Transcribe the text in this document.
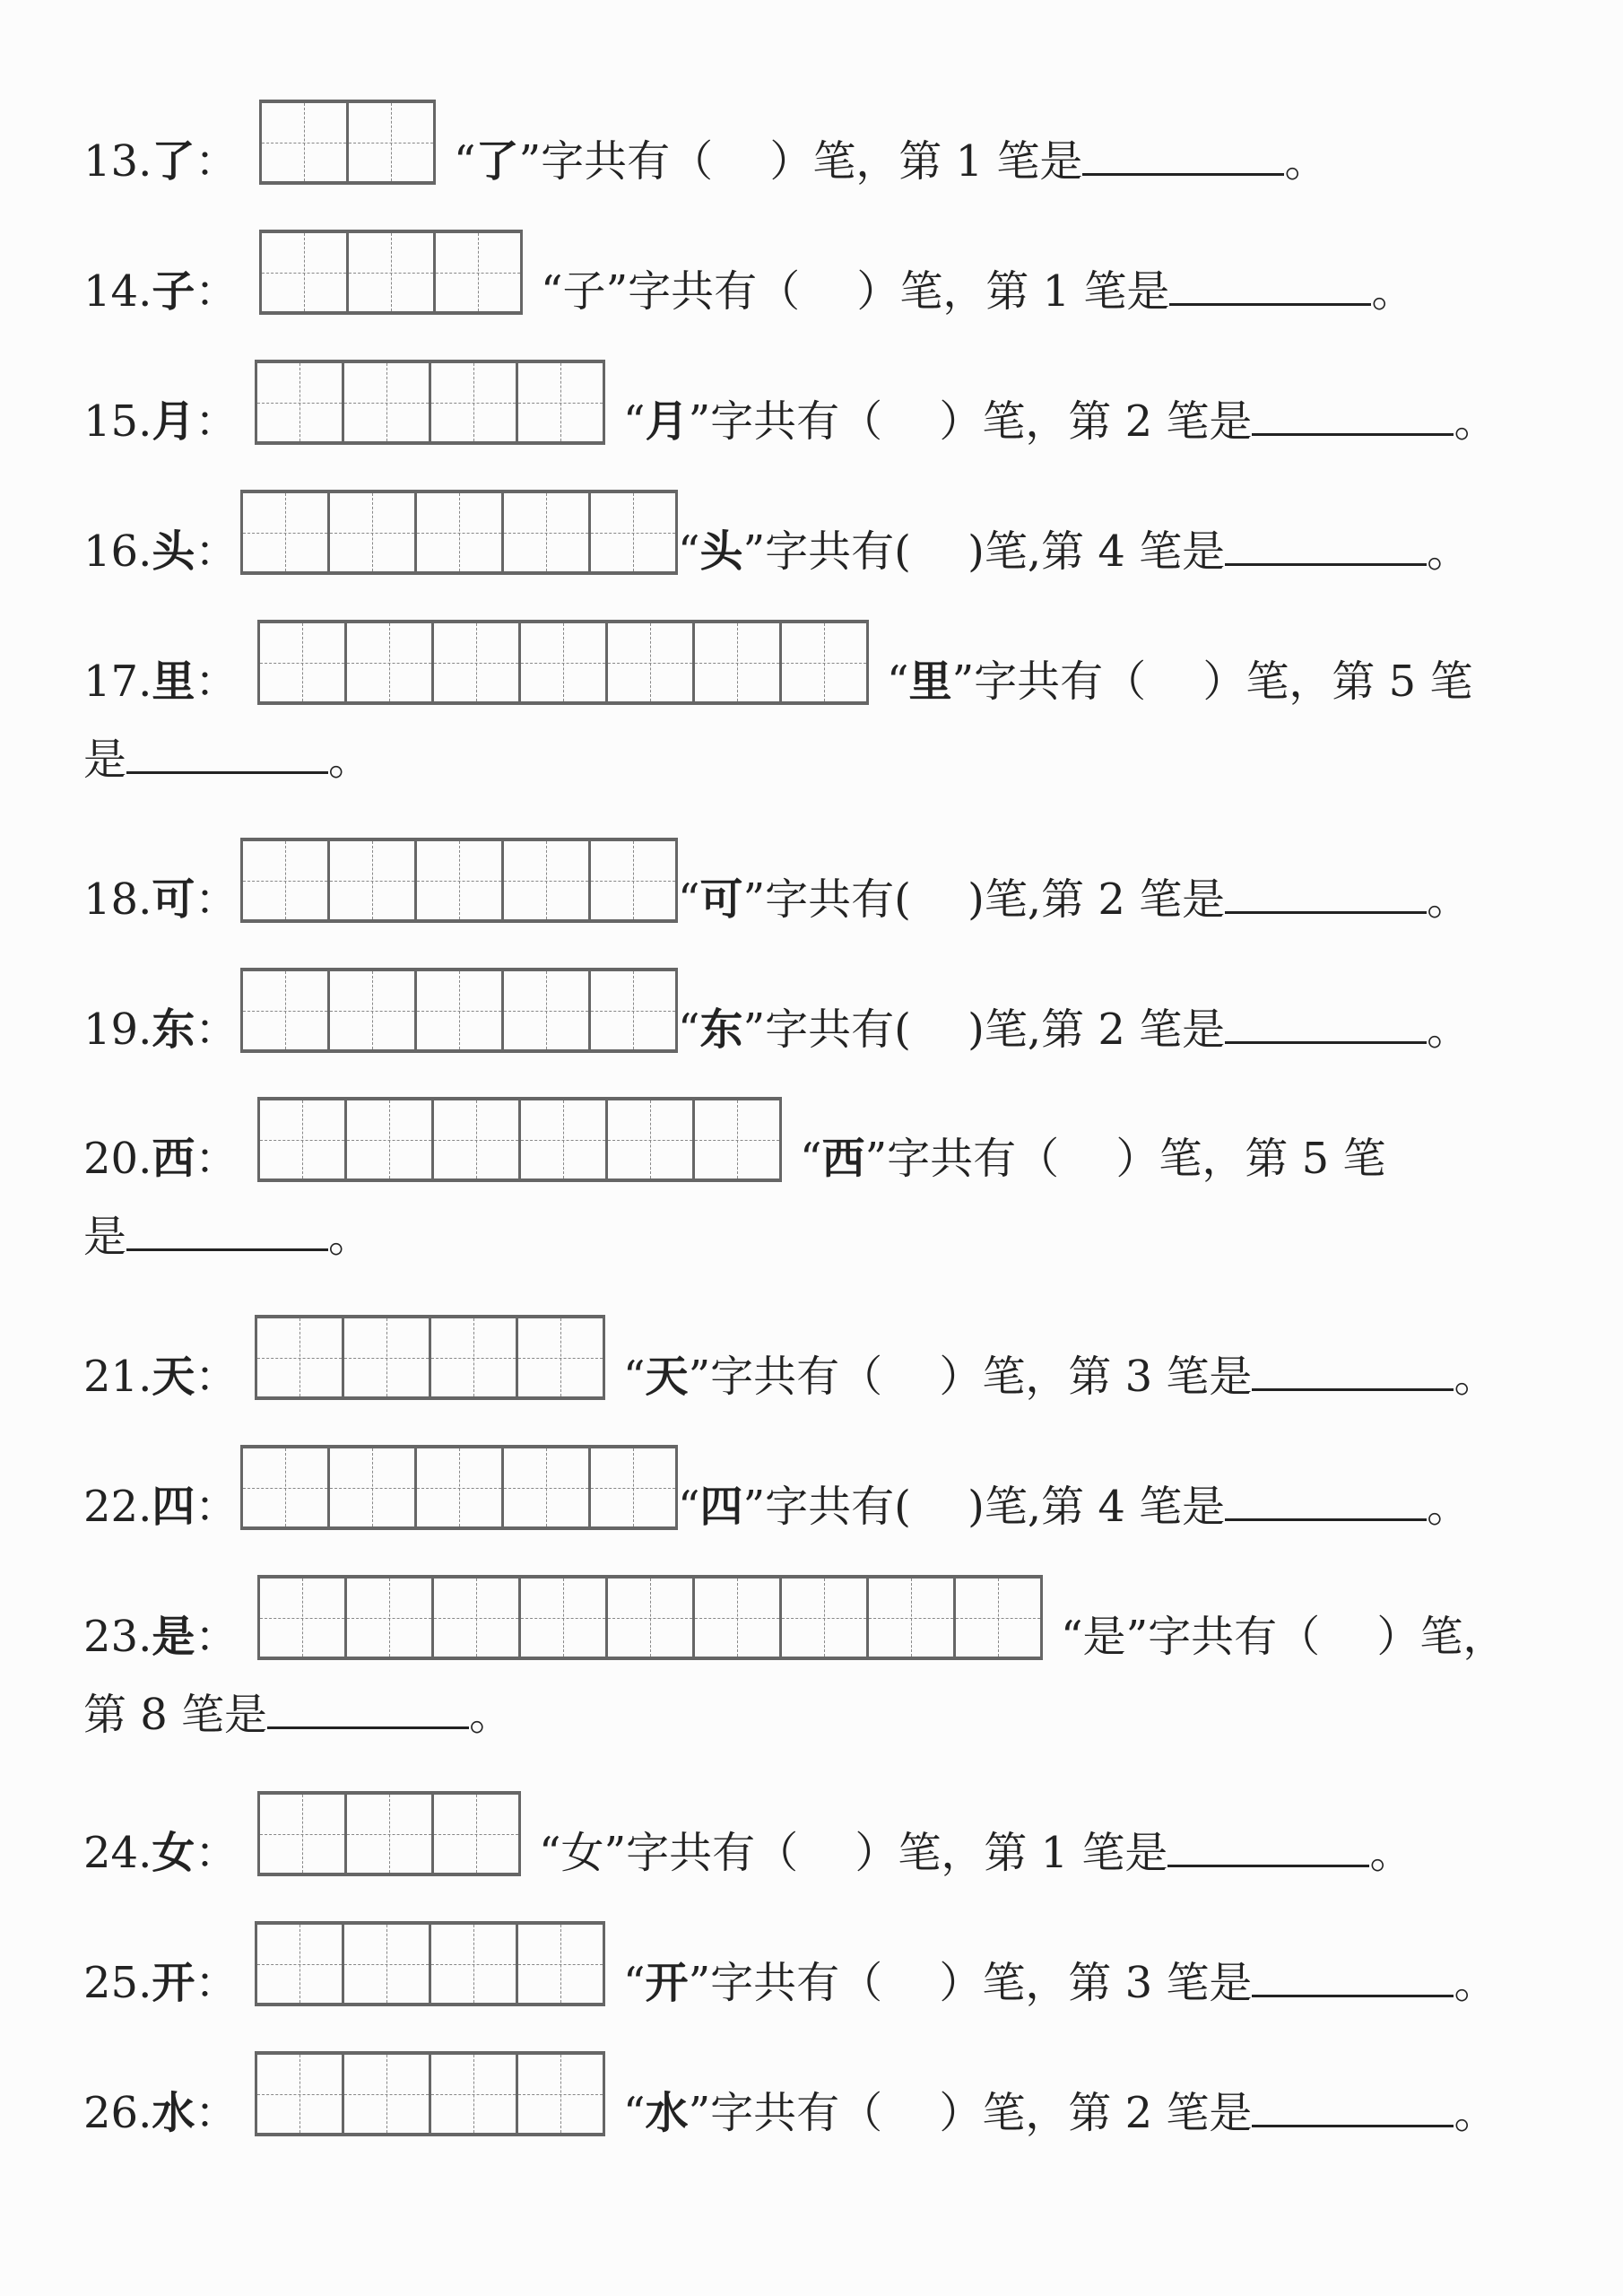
13.了：	“了”字共有（　 ）笔，第 1 笔是	。
14.子：	“子”字共有（　 ）笔，第 1 笔是	。
15.月：	“月”字共有（　 ）笔，第 2 笔是	。
16.头：	“头”字共有(　 )笔,第 4 笔是	。
17.里：	“里”字共有（　 ）笔，第 5 笔
是	。
18.可：	“可”字共有(　 )笔,第 2 笔是	。
19.东：	“东”字共有(　 )笔,第 2 笔是	。
20.西：	“西”字共有（　 ）笔，第 5 笔
是	。
21.天：	“天”字共有（　 ）笔，第 3 笔是	。
22.四：	“四”字共有(　 )笔,第 4 笔是	。
23.是：	“是”字共有（　 ）笔，
第 8 笔是	。
24.女：	“女”字共有（　 ）笔，第 1 笔是	。
25.开：	“开”字共有（　 ）笔，第 3 笔是	。
26.水：	“水”字共有（　 ）笔，第 2 笔是	。
